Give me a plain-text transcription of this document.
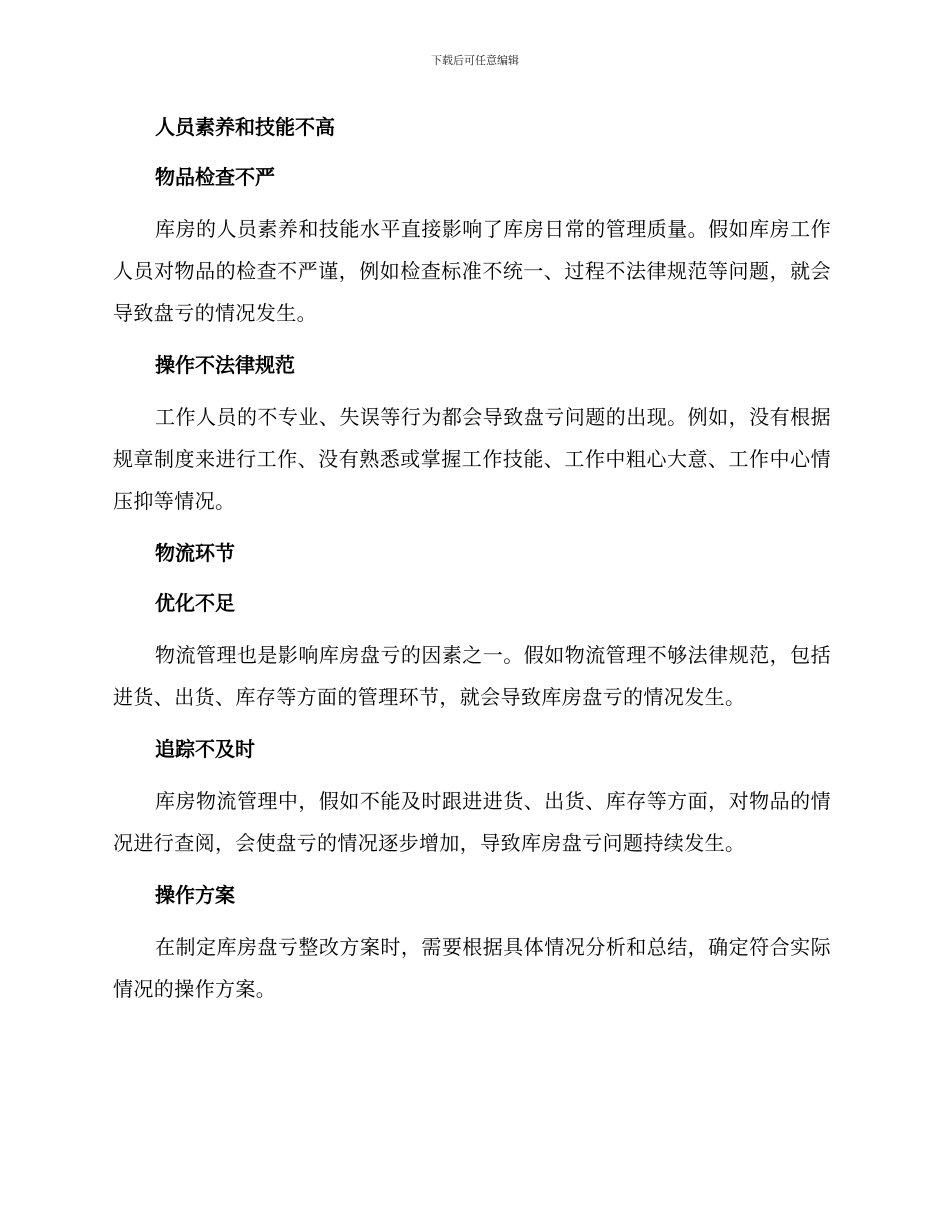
下载后可任意编辑
人员素养和技能不高
物品检查不严

库房的人员素养和技能水平直接影响了库房日常的管理质量。假如库房工作人员对物品的检查不严谨，例如检查标准不统一、过程不法律规范等问题，就会导致盘亏的情况发生。

操作不法律规范

工作人员的不专业、失误等行为都会导致盘亏问题的出现。例如，没有根据规章制度来进行工作、没有熟悉或掌握工作技能、工作中粗心大意、工作中心情压抑等情况。

物流环节
优化不足

物流管理也是影响库房盘亏的因素之一。假如物流管理不够法律规范，包括进货、出货、库存等方面的管理环节，就会导致库房盘亏的情况发生。

追踪不及时

库房物流管理中，假如不能及时跟进进货、出货、库存等方面，对物品的情况进行查阅，会使盘亏的情况逐步增加，导致库房盘亏问题持续发生。

操作方案

在制定库房盘亏整改方案时，需要根据具体情况分析和总结，确定符合实际情况的操作方案。
